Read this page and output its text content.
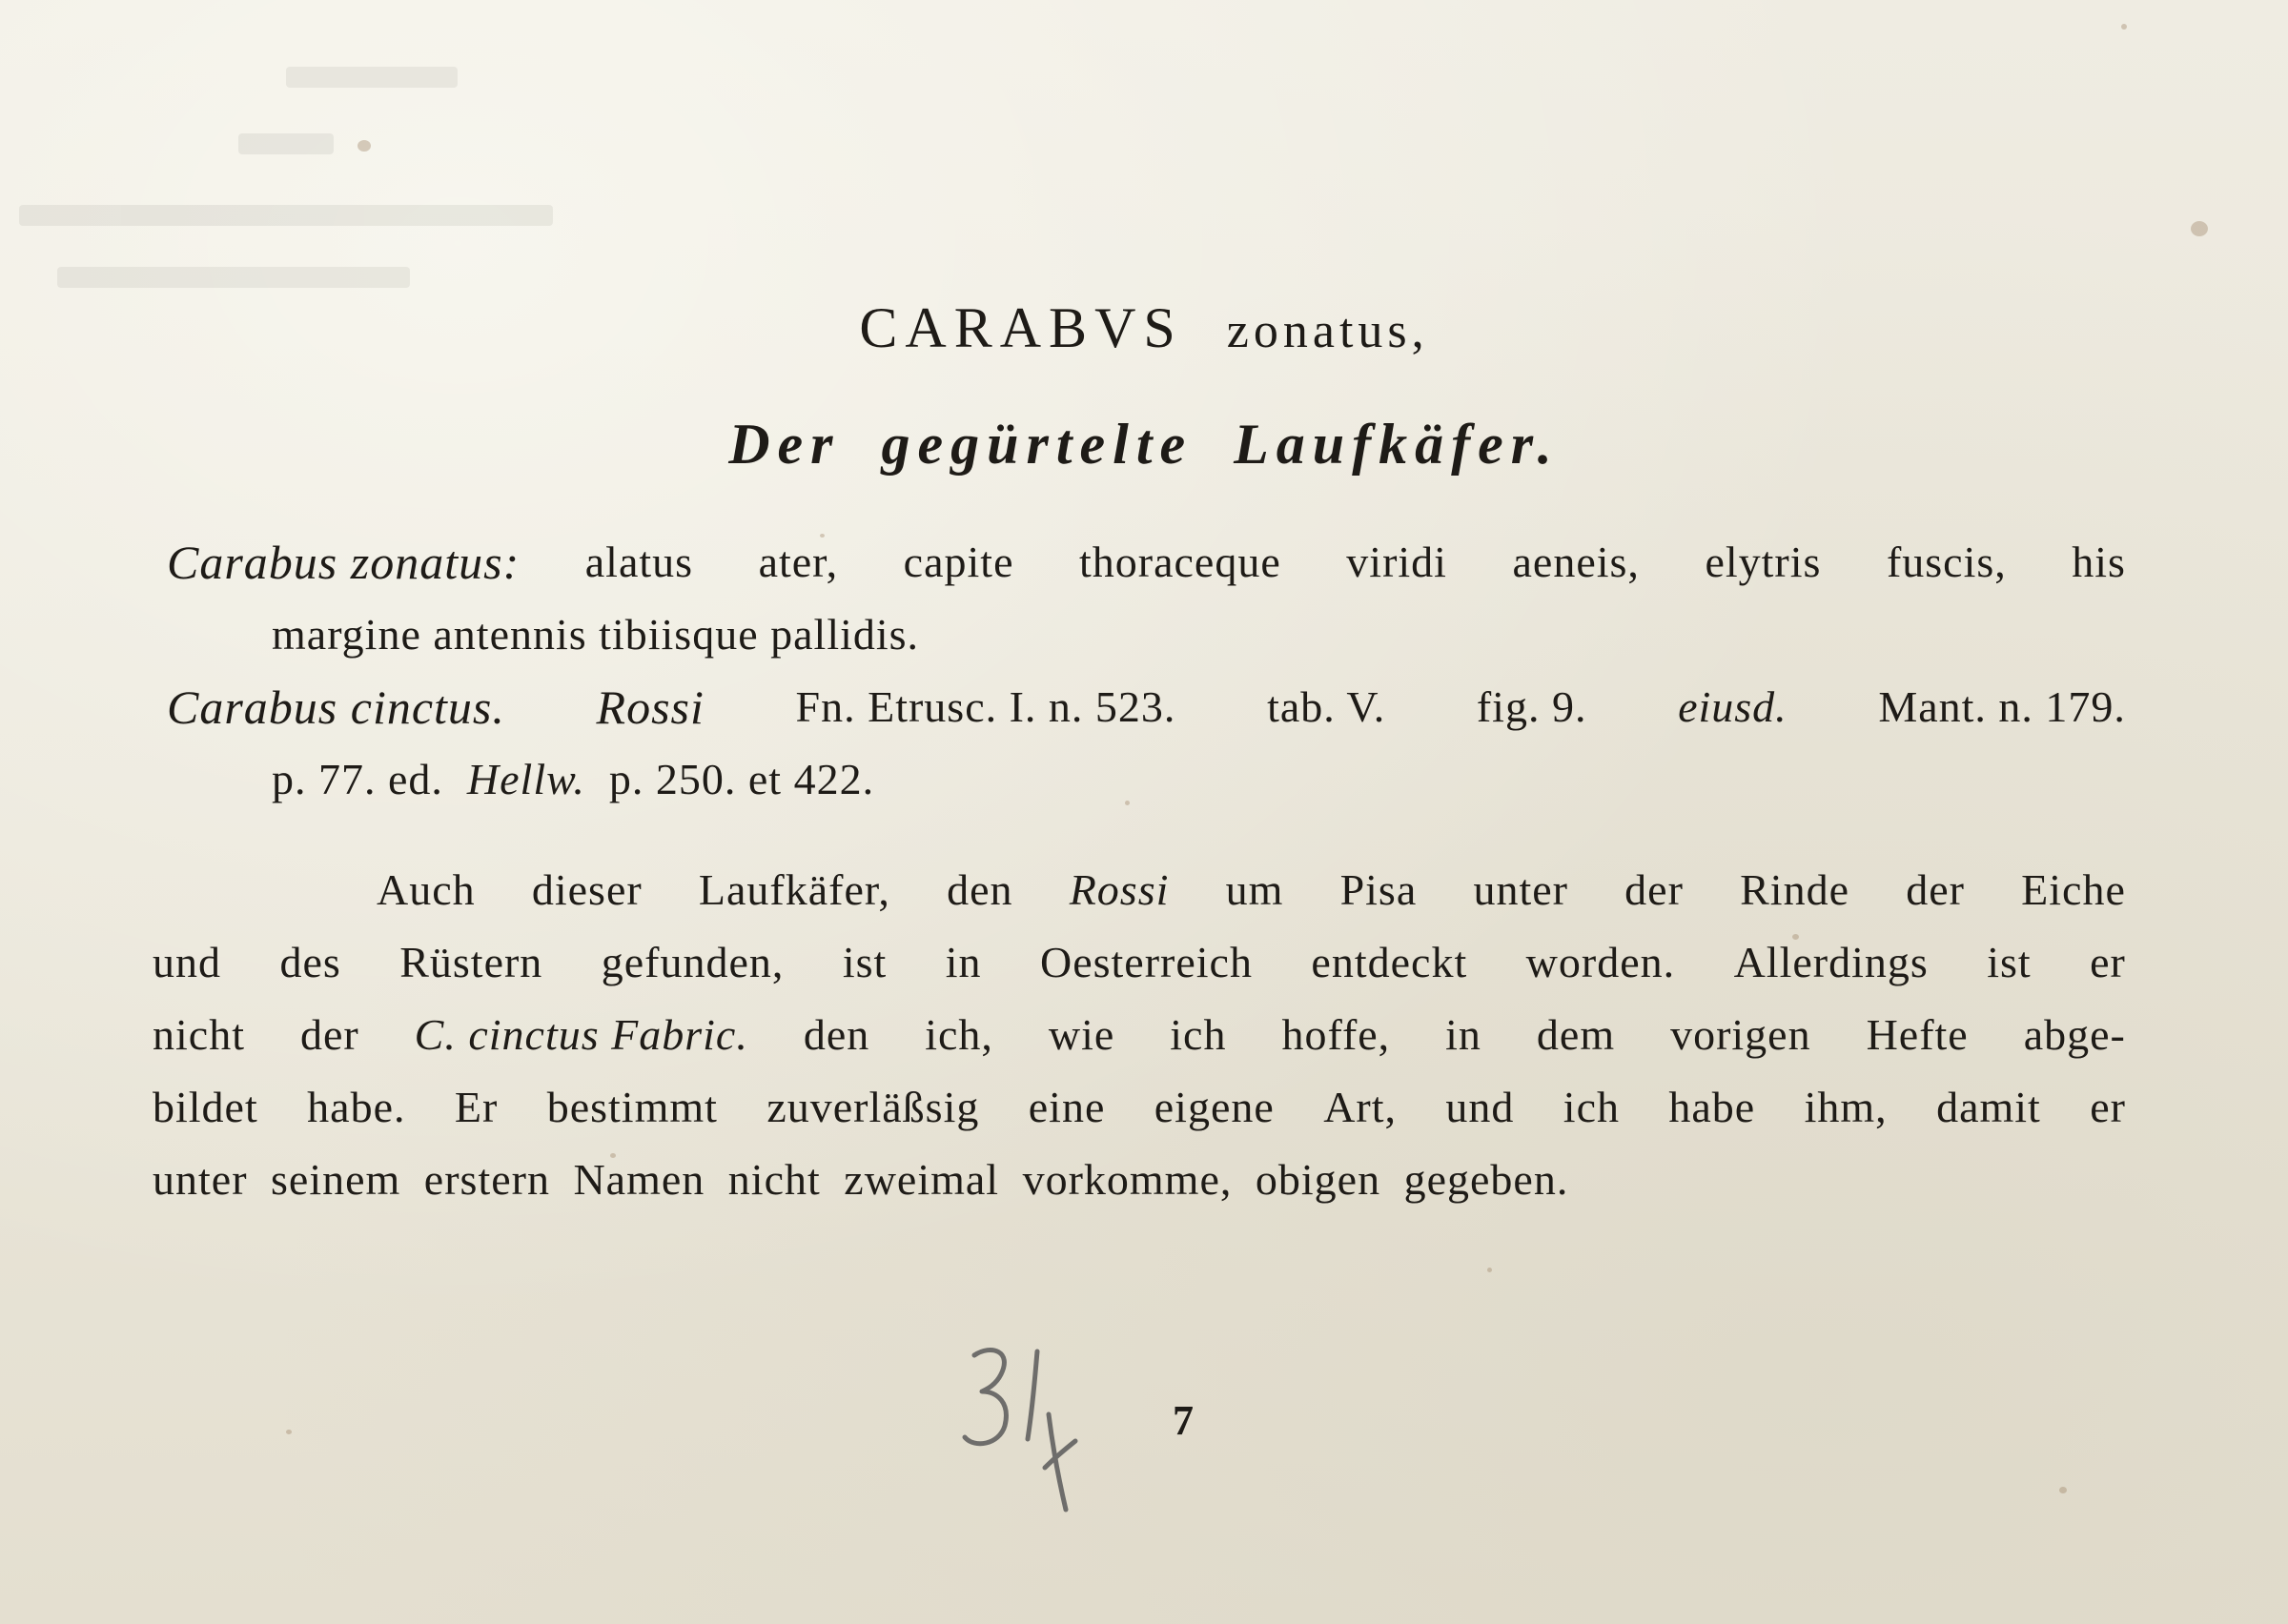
CARABVS zonatus,
Der gegürtelte Laufkäfer.
Carabus zonatus: alatus ater, capite thoraceque viridi aeneis, elytris fuscis, his
margine antennis tibiisque pallidis.
Carabus cinctus. Rossi Fn. Etrusc. I. n. 523. tab. V. fig. 9. eiusd. Mant. n. 179.
p. 77. ed. Hellw. p. 250. et 422.
Auch dieser Laufkäfer, den Rossi um Pisa unter der Rinde der Eiche
und des Rüstern gefunden, ist in Oesterreich entdeckt worden. Allerdings ist er
nicht der C. cinctus Fabric. den ich, wie ich hoffe, in dem vorigen Hefte abge-
bildet habe. Er bestimmt zuverläßsig eine eigene Art, und ich habe ihm, damit er
unter seinem erstern Namen nicht zweimal vorkomme, obigen gegeben.
7
